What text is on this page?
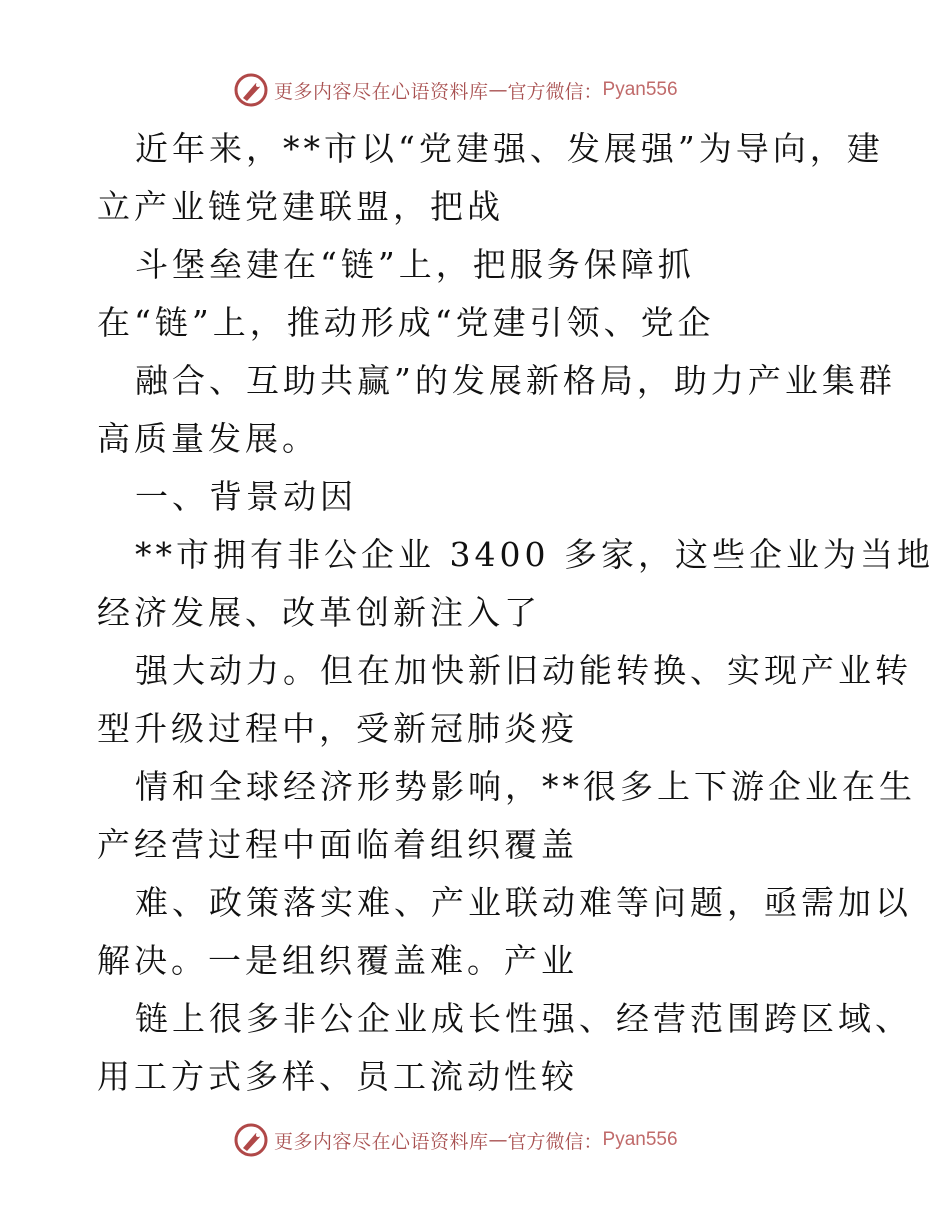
更多内容尽在心语资料库 — 官方微信： Pyan556
近年来，**市以“党建强、发展强”为导向，建
立产业链党建联盟，把战
斗堡垒建在“链”上，把服务保障抓
在“链”上，推动形成“党建引领、党企
融合、互助共赢”的发展新格局，助力产业集群
高质量发展。
一、背景动因
**市拥有非公企业 3400 多家，这些企业为当地
经济发展、改革创新注入了
强大动力。但在加快新旧动能转换、实现产业转
型升级过程中，受新冠肺炎疫
情和全球经济形势影响，**很多上下游企业在生
产经营过程中面临着组织覆盖
难、政策落实难、产业联动难等问题，亟需加以
解决。一是组织覆盖难。产业
链上很多非公企业成长性强、经营范围跨区域、
用工方式多样、员工流动性较
更多内容尽在心语资料库 — 官方微信： Pyan556
